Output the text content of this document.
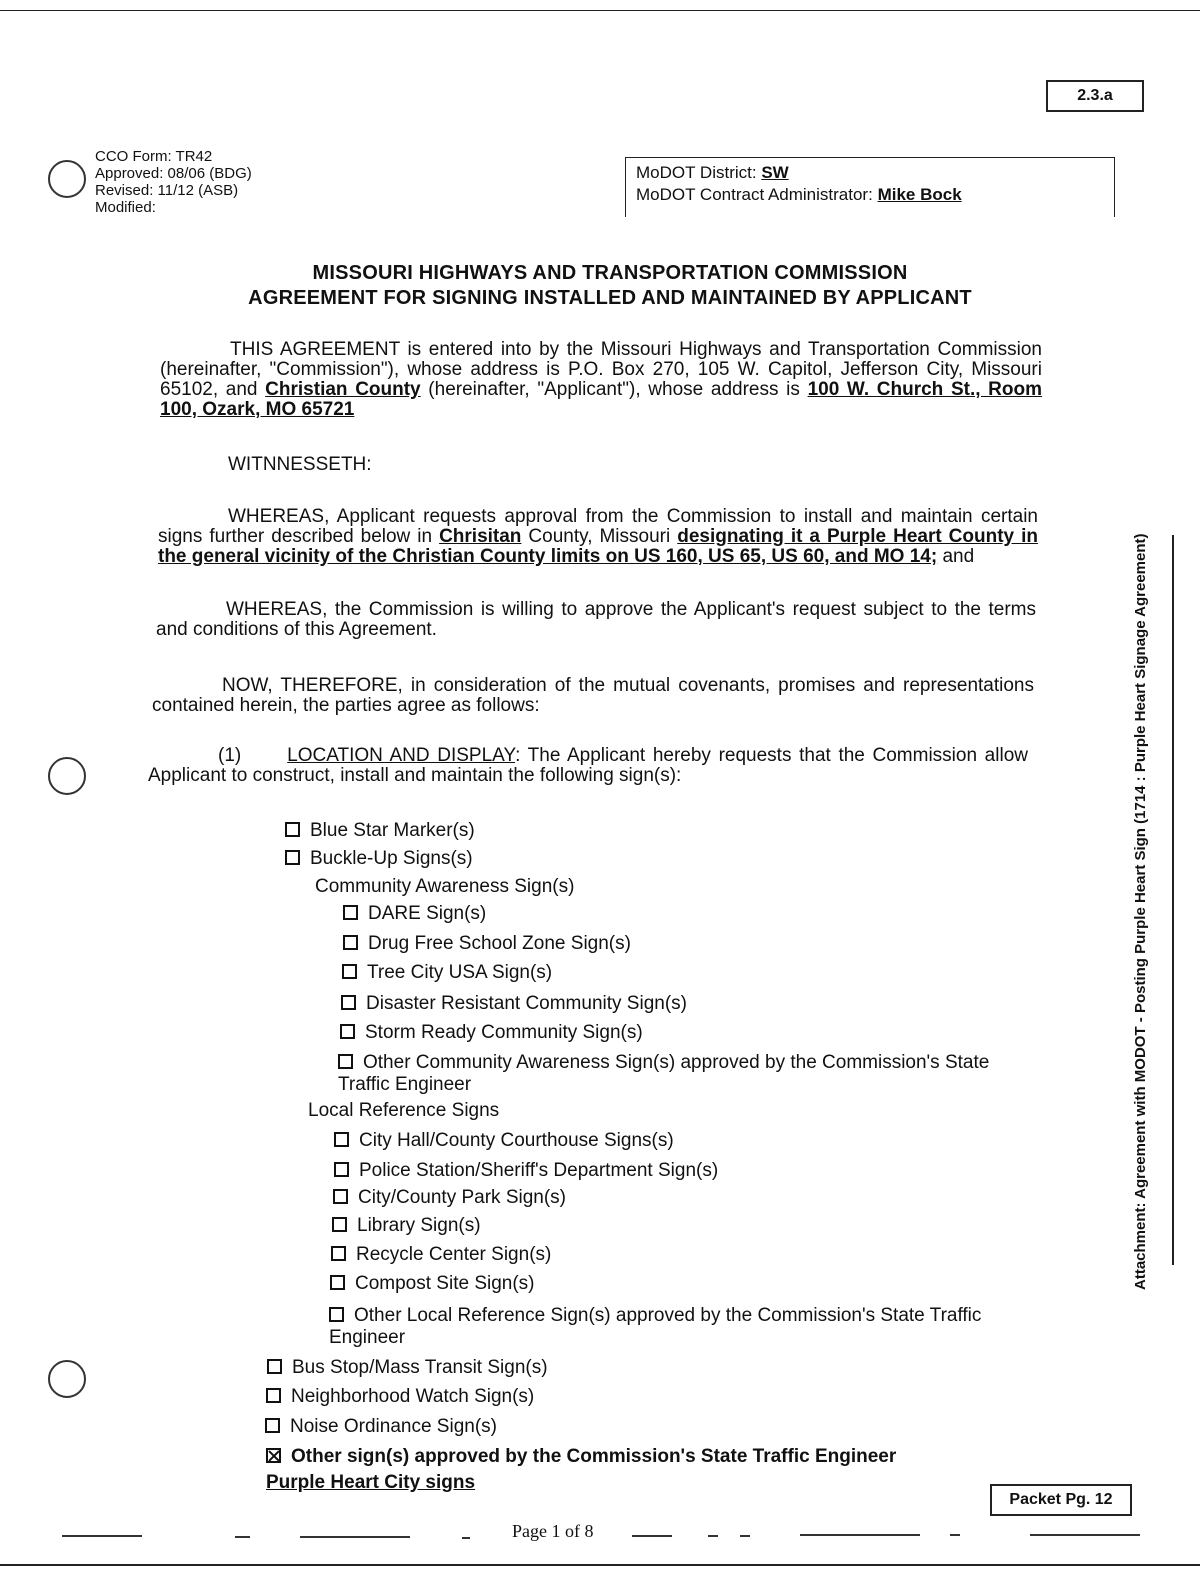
2.3.a
CCO Form: TR42
Approved: 08/06 (BDG)
Revised: 11/12 (ASB)
Modified:
MoDOT District: SW
MoDOT Contract Administrator: Mike Bock
MISSOURI HIGHWAYS AND TRANSPORTATION COMMISSION
AGREEMENT FOR SIGNING INSTALLED AND MAINTAINED BY APPLICANT
THIS AGREEMENT is entered into by the Missouri Highways and Transportation Commission (hereinafter, "Commission"), whose address is P.O. Box 270, 105 W. Capitol, Jefferson City, Missouri 65102, and Christian County (hereinafter, "Applicant"), whose address is 100 W. Church St., Room 100, Ozark, MO 65721
WITNNESSETH:
WHEREAS, Applicant requests approval from the Commission to install and maintain certain signs further described below in Chrisitan County, Missouri designating it a Purple Heart County in the general vicinity of the Christian County limits on US 160, US 65, US 60, and MO 14; and
WHEREAS, the Commission is willing to approve the Applicant's request subject to the terms and conditions of this Agreement.
NOW, THEREFORE, in consideration of the mutual covenants, promises and representations contained herein, the parties agree as follows:
(1) LOCATION AND DISPLAY: The Applicant hereby requests that the Commission allow Applicant to construct, install and maintain the following sign(s):
Blue Star Marker(s)
Buckle-Up Signs(s)
Community Awareness Sign(s)
DARE Sign(s)
Drug Free School Zone Sign(s)
Tree City USA Sign(s)
Disaster Resistant Community Sign(s)
Storm Ready Community Sign(s)
Other Community Awareness Sign(s) approved by the Commission's State Traffic Engineer
Local Reference Signs
City Hall/County Courthouse Signs(s)
Police Station/Sheriff's Department Sign(s)
City/County Park Sign(s)
Library Sign(s)
Recycle Center Sign(s)
Compost Site Sign(s)
Other Local Reference Sign(s) approved by the Commission's State Traffic Engineer
Bus Stop/Mass Transit Sign(s)
Neighborhood Watch Sign(s)
Noise Ordinance Sign(s)
Other sign(s) approved by the Commission's State Traffic Engineer
Purple Heart City signs
Attachment: Agreement with MODOT - Posting Purple Heart Sign (1714 : Purple Heart Signage Agreement)
Packet Pg. 12
Page 1 of 8
